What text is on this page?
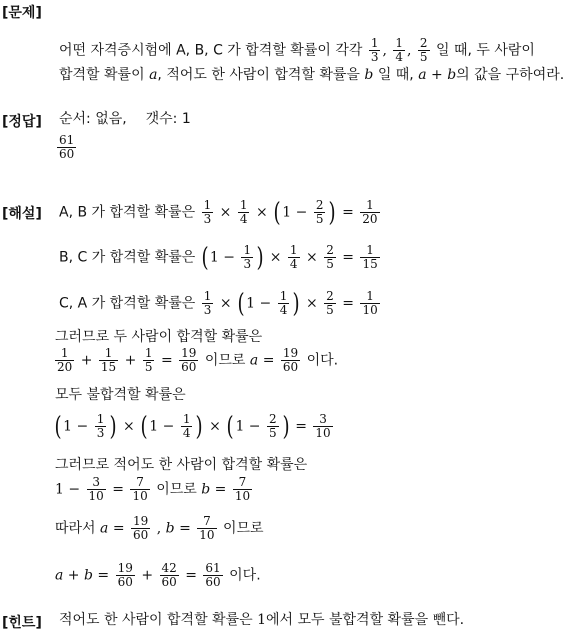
[문제]
어떤 자격증시험에 A, B, C 가 합격할 확률이 각각 $\frac{1}{3}$ , $\frac{1}{4}$ , $\frac{2}{5}$ 일 때, 두 사람이
합격할 확률이 a, 적어도 한 사람이 합격할 확률을 b 일 때, a + b의 값을 구하여라.
[정답] 순서: 없음, 갯수: 1
$\frac{61}{60}$
[해설] A, B 가 합격할 확률은 $\frac{1}{3} \times \frac{1}{4}$ × ( $1 - \frac{2}{5}$ ) = $\frac{1}{20}$
B, C 가 합격할 확률은 ( $1 - \frac{1}{3}$ ) × $\frac{1}{4} \times \frac{2}{5} = \frac{1}{15}$
C, A 가 합격할 확률은 $\frac{1}{3}$ × ( $1 - \frac{1}{4}$ ) × $\frac{2}{5} = \frac{1}{10}$
그러므로 두 사람이 합격할 확률은
$\frac{1}{20} + \frac{1}{15} + \frac{1}{5} = \frac{19}{60}$ 이므로 $a = \frac{19}{60}$ 이다.
모두 불합격할 확률은
( $1 - \frac{1}{3}$ ) × ( $1 - \frac{1}{4}$ ) × ( $1 - \frac{2}{5}$ ) = $\frac{3}{10}$
그러므로 적어도 한 사람이 합격할 확률은
$1 - \frac{3}{10} = \frac{7}{10}$ 이므로 $b = \frac{7}{10}$
따라서 $a = \frac{19}{60}$ , $b = \frac{7}{10}$ 이므로
$a + b = \frac{19}{60} + \frac{42}{60} = \frac{61}{60}$ 이다.
[힌트] 적어도 한 사람이 합격할 확률은 1에서 모두 불합격할 확률을 뺀다.
